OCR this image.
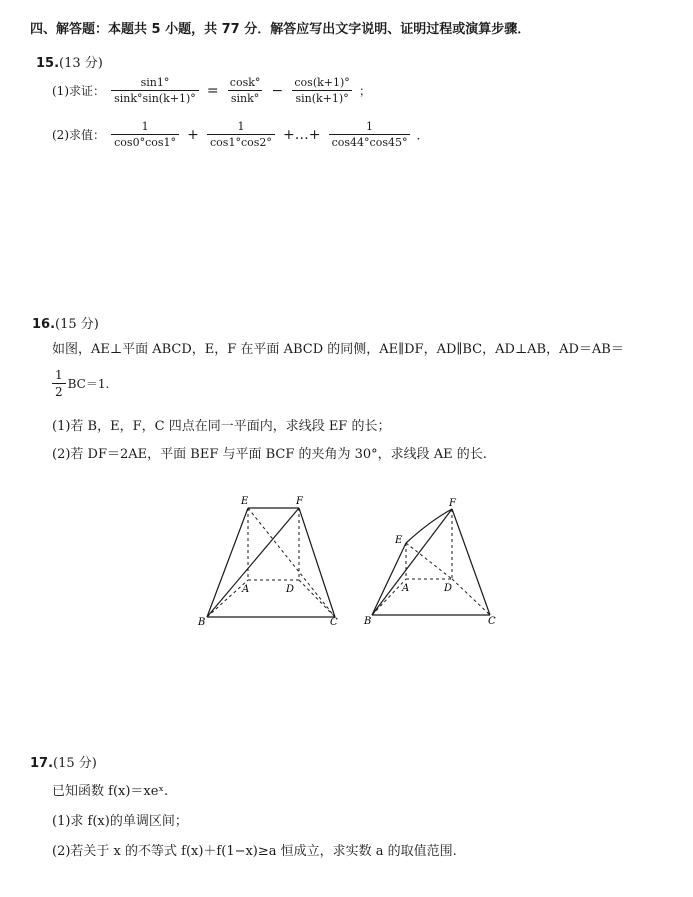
四、解答题：本题共 5 小题，共 77 分．解答应写出文字说明、证明过程或演算步骤．
15.(13 分)
(1)求证： $\frac{\sin 1^\circ}{\sin k^\circ\sin(k+1)^\circ} = \frac{\cos k^\circ}{\sin k^\circ} - \frac{\cos(k+1)^\circ}{\sin(k+1)^\circ}$ ；
(2)求值： $\frac{1}{\cos 0^\circ\cos 1^\circ} + \frac{1}{\cos 1^\circ\cos 2^\circ}$ +…+ $\frac{1}{\cos 44^\circ\cos 45^\circ}$ ．
16.(15 分)
如图，AE⊥平面 ABCD，E，F 在平面 ABCD 的同侧，AE∥DF，AD∥BC，AD⊥AB，AD＝AB＝
$\frac{1}{2} BC=1$.
(1)若 B，E，F，C 四点在同一平面内，求线段 EF 的长；
(2)若 DF＝2AE，平面 BEF 与平面 BCF 的夹角为 30°，求线段 AE 的长.
E	F
A	D
B	C
E
F
A	D
B	C
17.(15 分)
已知函数 f(x)＝xeˣ.
(1)求 f(x)的单调区间；
(2)若关于 x 的不等式 f(x)＋f(1−x)≥a 恒成立，求实数 a 的取值范围.
